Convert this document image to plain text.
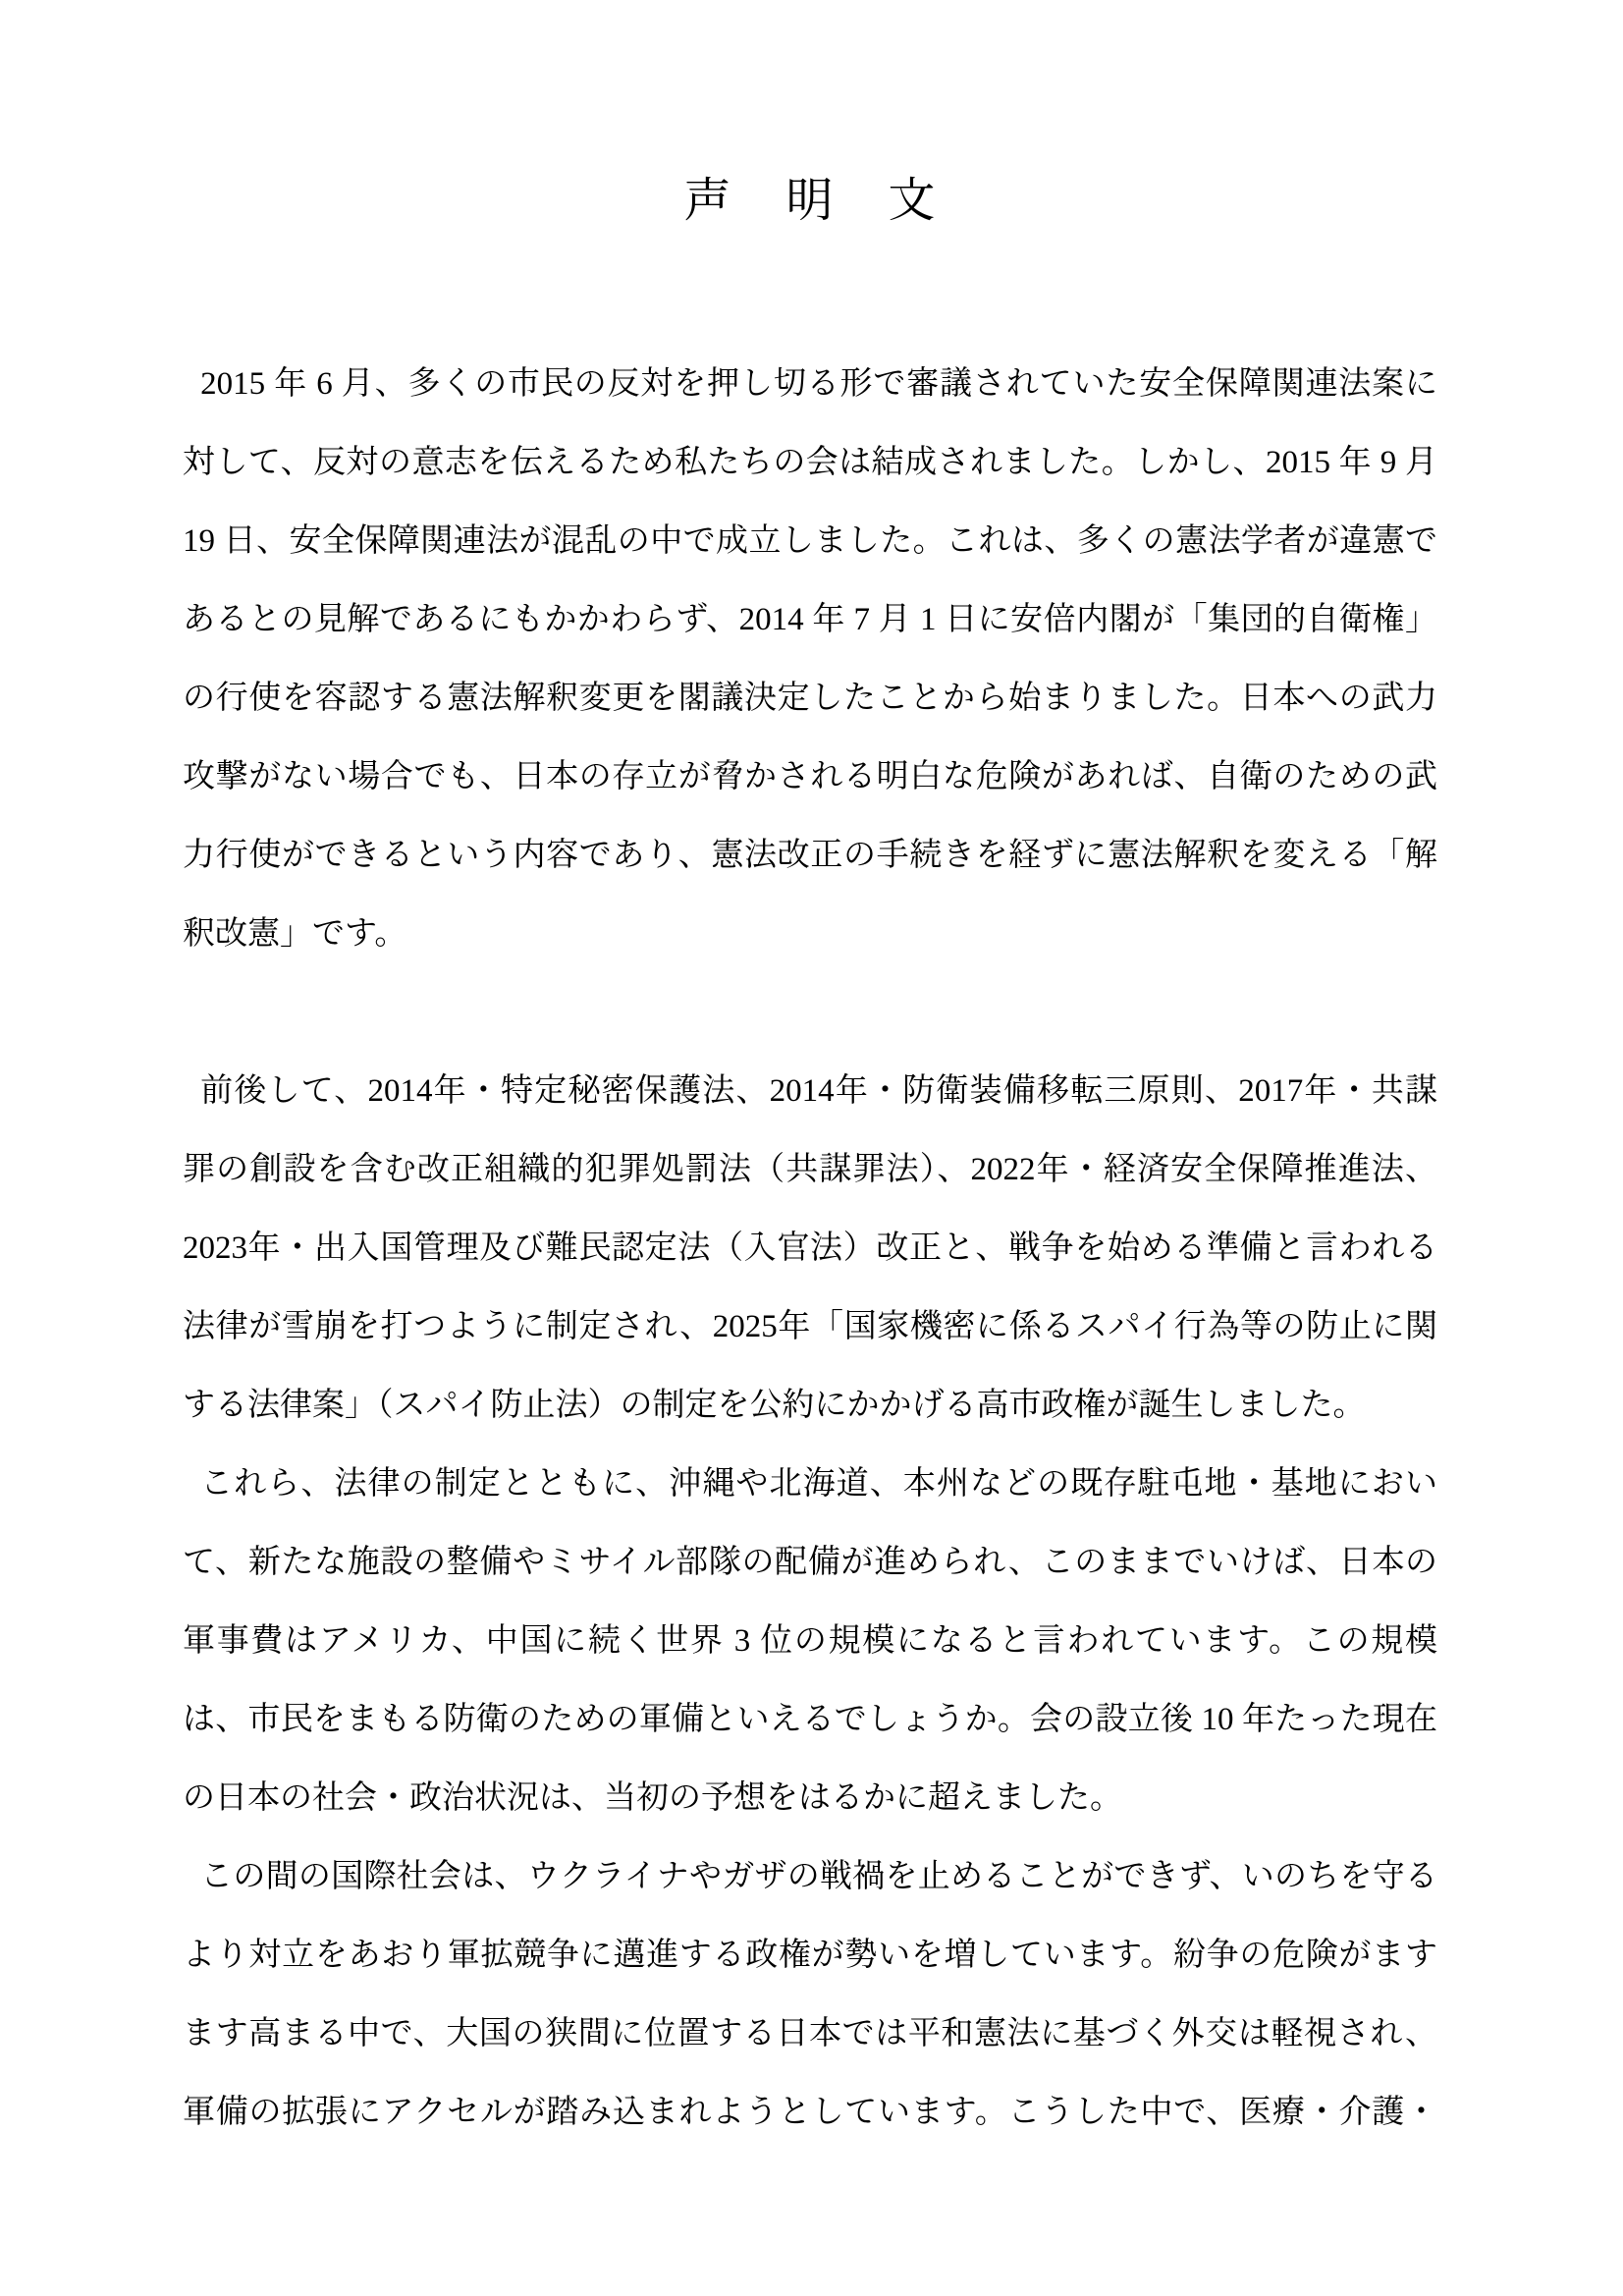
声　明　文
2015 年 6 月、多くの市民の反対を押し切る形で審議されていた安全保障関連法案に
対して、反対の意志を伝えるため私たちの会は結成されました。しかし、2015 年 9 月
19 日、安全保障関連法が混乱の中で成立しました。これは、多くの憲法学者が違憲で
あるとの見解であるにもかかわらず、2014 年 7 月 1 日に安倍内閣が「集団的自衛権」
の行使を容認する憲法解釈変更を閣議決定したことから始まりました。日本への武力
攻撃がない場合でも、日本の存立が脅かされる明白な危険があれば、自衛のための武
力行使ができるという内容であり、憲法改正の手続きを経ずに憲法解釈を変える「解
釈改憲」です。
前後して、2014年・特定秘密保護法、2014年・防衛装備移転三原則、2017年・共謀
罪の創設を含む改正組織的犯罪処罰法（共謀罪法）、2022年・経済安全保障推進法、
2023年・出入国管理及び難民認定法（入官法）改正と、戦争を始める準備と言われる
法律が雪崩を打つように制定され、2025年「国家機密に係るスパイ行為等の防止に関
する法律案」（スパイ防止法）の制定を公約にかかげる高市政権が誕生しました。
これら、法律の制定とともに、沖縄や北海道、本州などの既存駐屯地・基地におい
て、新たな施設の整備やミサイル部隊の配備が進められ、このままでいけば、日本の
軍事費はアメリカ、中国に続く世界 3 位の規模になると言われています。この規模
は、市民をまもる防衛のための軍備といえるでしょうか。会の設立後 10 年たった現在
の日本の社会・政治状況は、当初の予想をはるかに超えました。
この間の国際社会は、ウクライナやガザの戦禍を止めることができず、いのちを守る
より対立をあおり軍拡競争に邁進する政権が勢いを増しています。紛争の危険がます
ます高まる中で、大国の狭間に位置する日本では平和憲法に基づく外交は軽視され、
軍備の拡張にアクセルが踏み込まれようとしています。こうした中で、医療・介護・
